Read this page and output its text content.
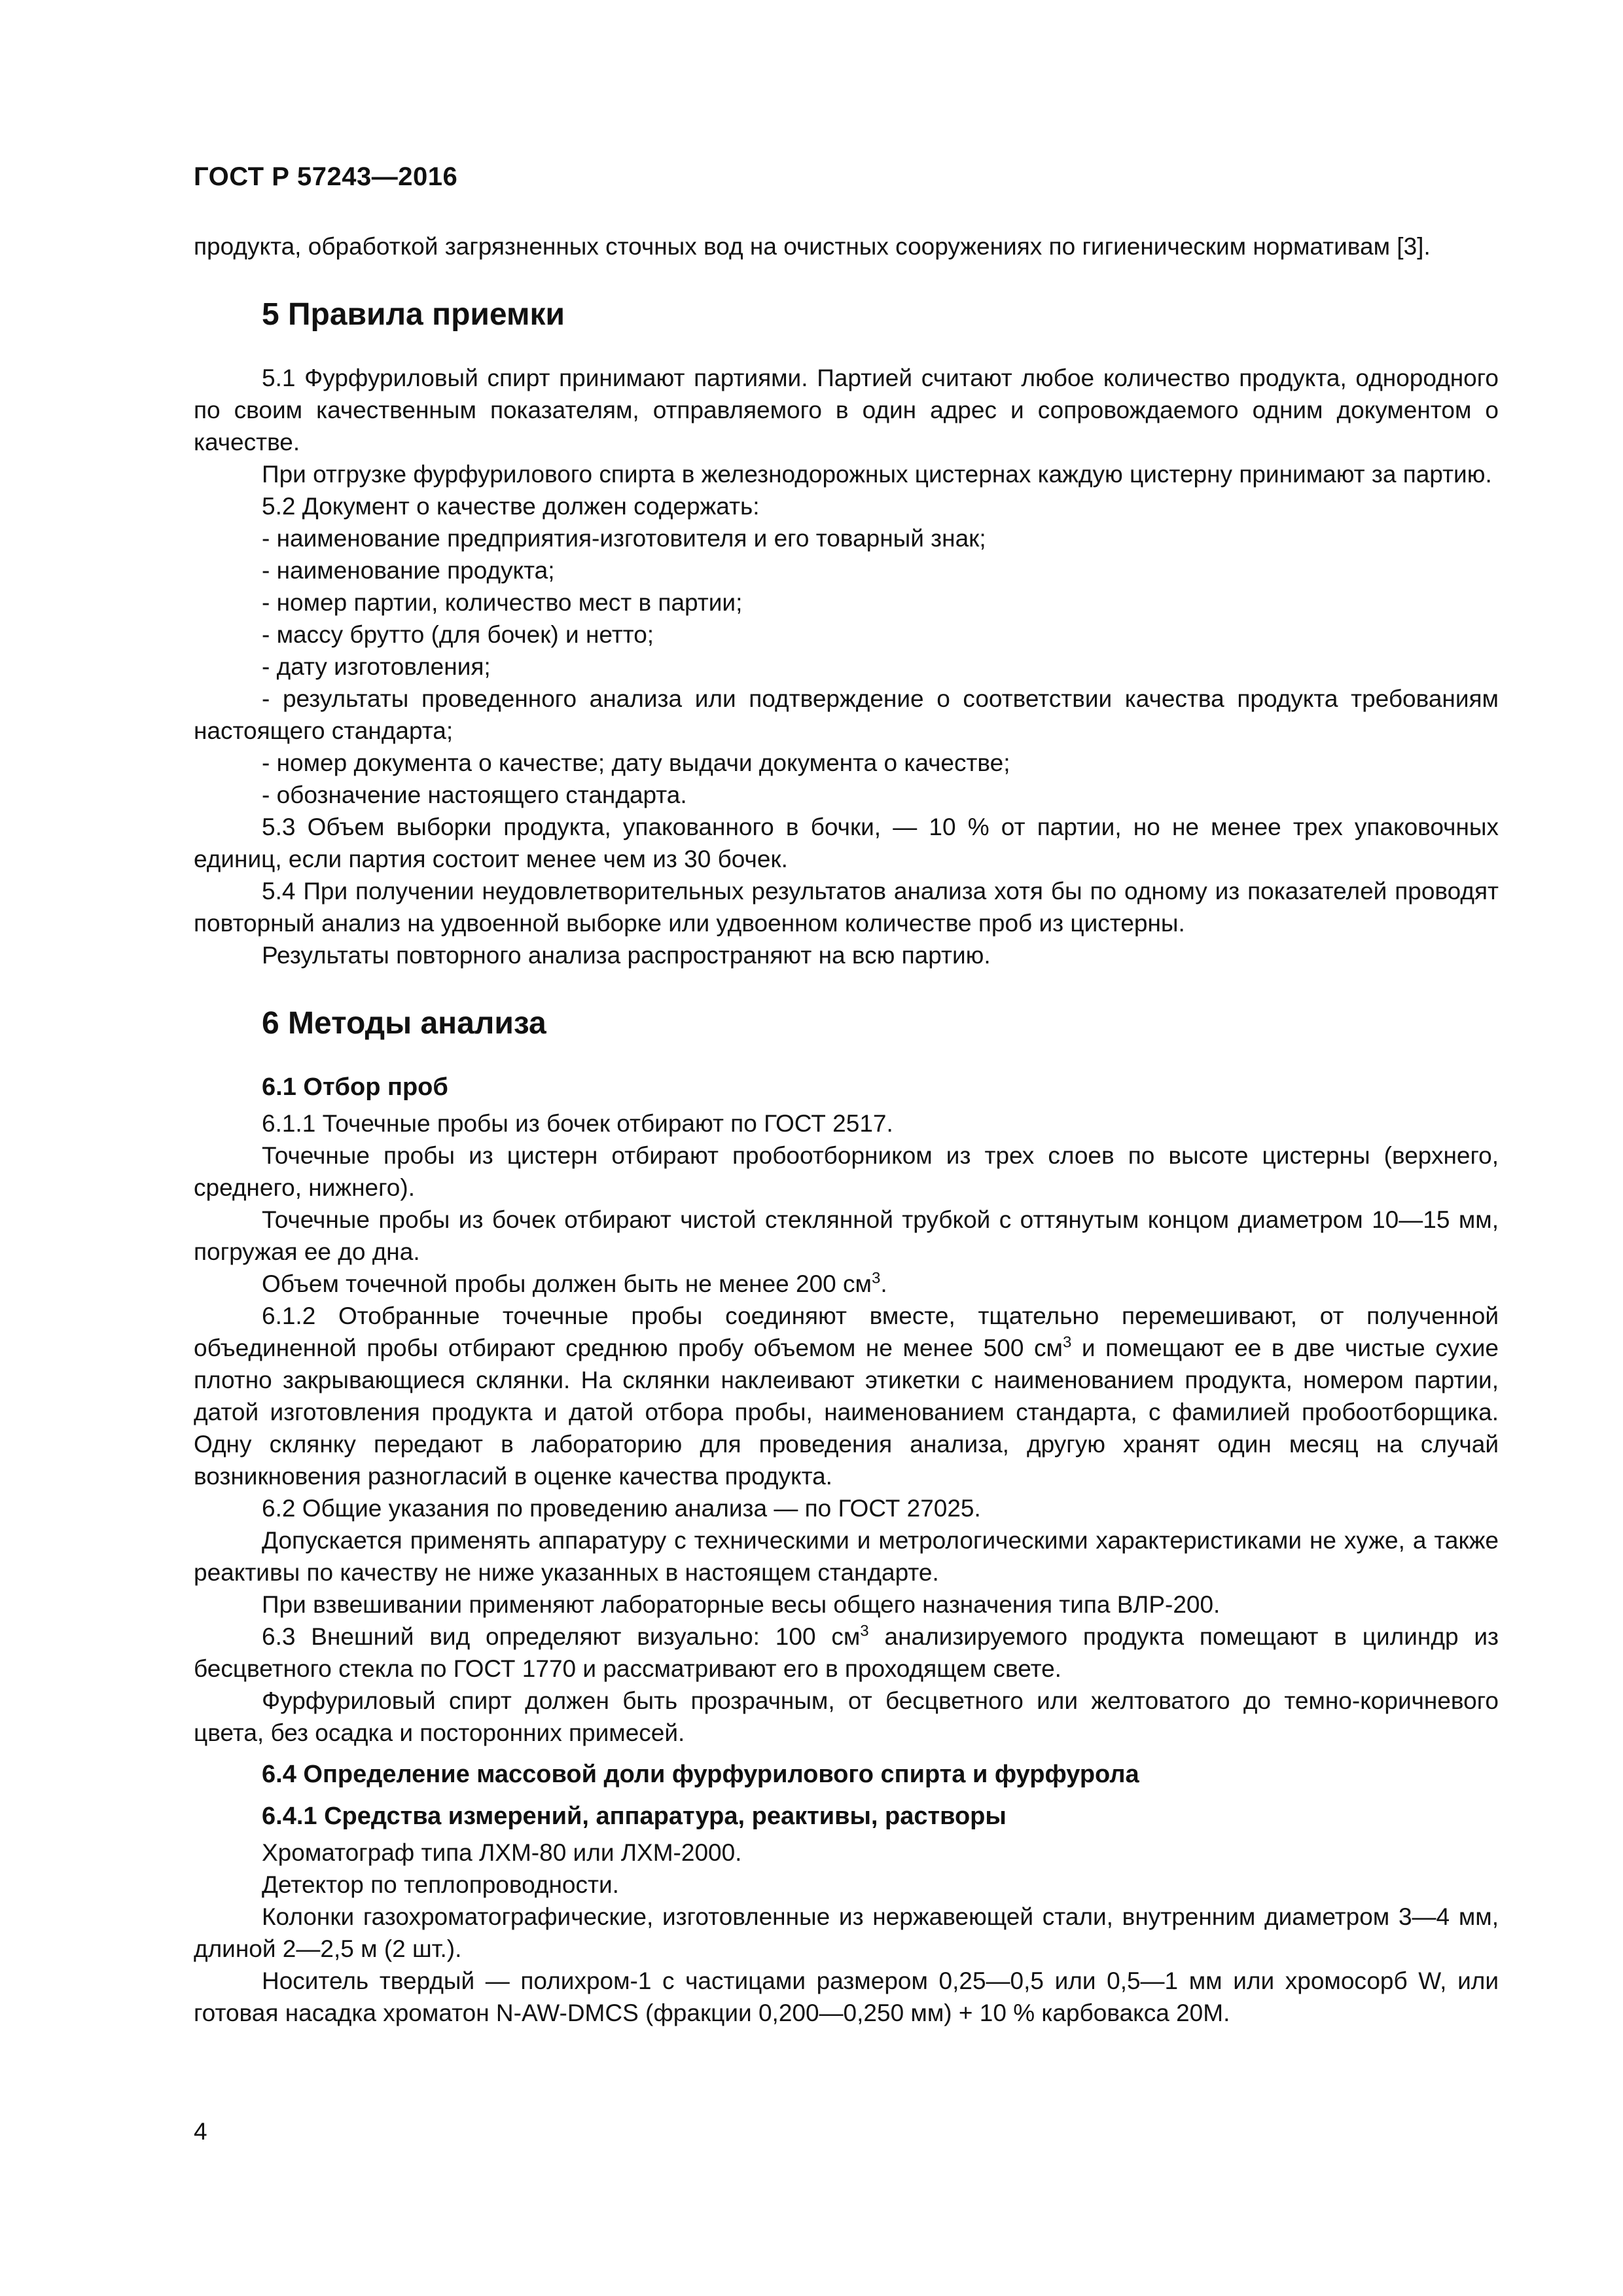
ГОСТ Р 57243—2016

продукта, обработкой загрязненных сточных вод на очистных сооружениях по гигиеническим нормативам [3].

5 Правила приемки

5.1 Фурфуриловый спирт принимают партиями. Партией считают любое количество продукта, однородного по своим качественным показателям, отправляемого в один адрес и сопровождаемого одним документом о качестве.

При отгрузке фурфурилового спирта в железнодорожных цистернах каждую цистерну принимают за партию.

5.2 Документ о качестве должен содержать:

- наименование предприятия-изготовителя и его товарный знак;

- наименование продукта;

- номер партии, количество мест в партии;

- массу брутто (для бочек) и нетто;

- дату изготовления;

- результаты проведенного анализа или подтверждение о соответствии качества продукта требованиям настоящего стандарта;

- номер документа о качестве; дату выдачи документа о качестве;

- обозначение настоящего стандарта.

5.3 Объем выборки продукта, упакованного в бочки, — 10 % от партии, но не менее трех упаковочных единиц, если партия состоит менее чем из 30 бочек.

5.4 При получении неудовлетворительных результатов анализа хотя бы по одному из показателей проводят повторный анализ на удвоенной выборке или удвоенном количестве проб из цистерны.

Результаты повторного анализа распространяют на всю партию.

6 Методы анализа
6.1 Отбор проб

6.1.1 Точечные пробы из бочек отбирают по ГОСТ 2517.

Точечные пробы из цистерн отбирают пробоотборником из трех слоев по высоте цистерны (верхнего, среднего, нижнего).

Точечные пробы из бочек отбирают чистой стеклянной трубкой с оттянутым концом диаметром 10—15 мм, погружая ее до дна.

Объем точечной пробы должен быть не менее 200 $см^3$.

6.1.2 Отобранные точечные пробы соединяют вместе, тщательно перемешивают, от полученной объединенной пробы отбирают среднюю пробу объемом не менее 500 $см^3$ и помещают ее в две чистые сухие плотно закрывающиеся склянки. На склянки наклеивают этикетки с наименованием продукта, номером партии, датой изготовления продукта и датой отбора пробы, наименованием стандарта, с фамилией пробоотборщика. Одну склянку передают в лабораторию для проведения анализа, другую хранят один месяц на случай возникновения разногласий в оценке качества продукта.

6.2 Общие указания по проведению анализа — по ГОСТ 27025.

Допускается применять аппаратуру с техническими и метрологическими характеристиками не хуже, а также реактивы по качеству не ниже указанных в настоящем стандарте.

При взвешивании применяют лабораторные весы общего назначения типа ВЛР-200.

6.3 Внешний вид определяют визуально: 100 $см^3$ анализируемого продукта помещают в цилиндр из бесцветного стекла по ГОСТ 1770 и рассматривают его в проходящем свете.

Фурфуриловый спирт должен быть прозрачным, от бесцветного или желтоватого до темно-коричневого цвета, без осадка и посторонних примесей.

6.4 Определение массовой доли фурфурилового спирта и фурфурола
6.4.1 Средства измерений, аппаратура, реактивы, растворы

Хроматограф типа ЛХМ-80 или ЛХМ-2000.

Детектор по теплопроводности.

Колонки газохроматографические, изготовленные из нержавеющей стали, внутренним диаметром 3—4 мм, длиной 2—2,5 м (2 шт.).

Носитель твердый — полихром-1 с частицами размером 0,25—0,5 или 0,5—1 мм или хромосорб W, или готовая насадка хроматон N-AW-DMCS (фракции 0,200—0,250 мм) + 10 % карбовакса 20М.

4
